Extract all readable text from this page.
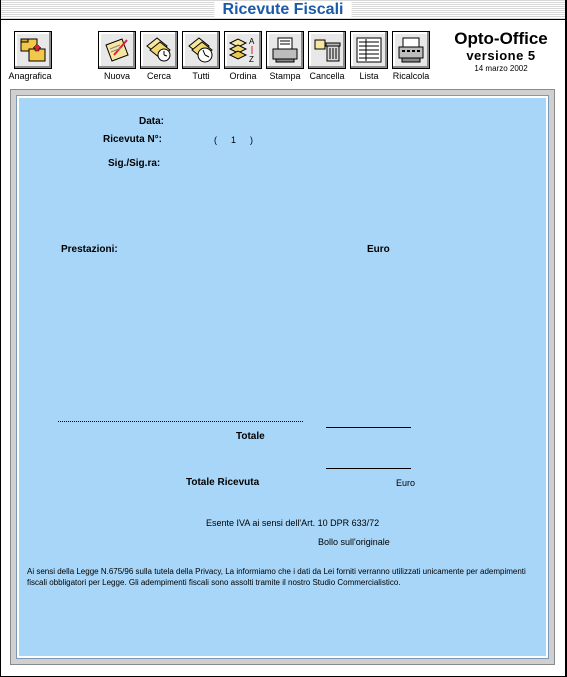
Ricevute Fiscali
Anagrafica	Nuova	Cerca	Tutti
A
Z
Ordina	Stampa Cancella	Lista	Ricalcola
Opto-Office
versione 5
14 marzo 2002
Data:
Ricevuta N°:	( 1 )
Sig./Sig.ra:
Prestazioni:	Euro
Totale
Totale Ricevuta	Euro
Esente IVA ai sensi dell'Art. 10 DPR 633/72
Bollo sull'originale
Ai sensi della Legge N.675/96 sulla tutela della Privacy, La informiamo che i dati da Lei forniti verranno utilizzati unicamente per adempimenti fiscali obbligatori per Legge. Gli adempimenti fiscali sono assolti tramite il nostro Studio Commercialistico.
